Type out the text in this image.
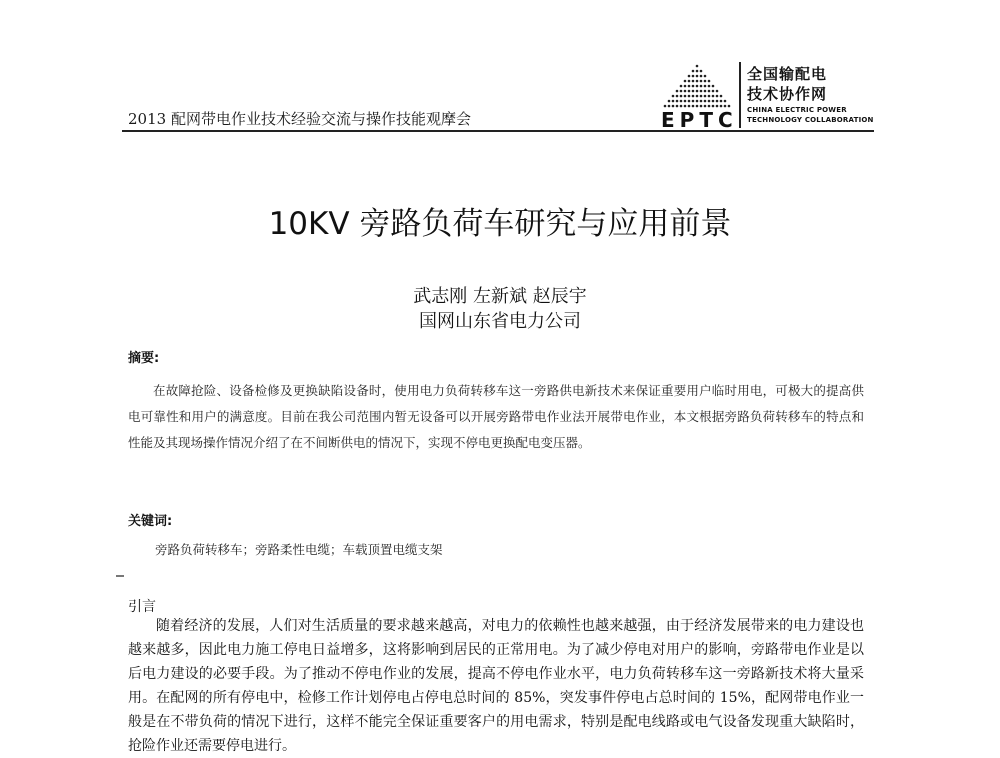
2013 配网带电作业技术经验交流与操作技能观摩会	EPTC
全国输配电
技术协作网
CHINA ELECTRIC POWER
TECHNOLOGY COLLABORATION
10KV 旁路负荷车研究与应用前景
武志刚 左新斌 赵辰宇
国网山东省电力公司
摘要:

在故障抢险、设备检修及更换缺陷设备时，使用电力负荷转移车这一旁路供电新技术来保证重要用户临时用电，可极大的提高供电可靠性和用户的满意度。目前在我公司范围内暂无设备可以开展旁路带电作业法开展带电作业，本文根据旁路负荷转移车的特点和性能及其现场操作情况介绍了在不间断供电的情况下，实现不停电更换配电变压器。

关键词:
旁路负荷转移车；旁路柔性电缆；车载顶置电缆支架
引言

随着经济的发展，人们对生活质量的要求越来越高，对电力的依赖性也越来越强，由于经济发展带来的电力建设也越来越多，因此电力施工停电日益增多，这将影响到居民的正常用电。为了减少停电对用户的影响，旁路带电作业是以后电力建设的必要手段。为了推动不停电作业的发展，提高不停电作业水平，电力负荷转移车这一旁路新技术将大量采用。在配网的所有停电中，检修工作计划停电占停电总时间的 85%，突发事件停电占总时间的 15%，配网带电作业一般是在不带负荷的情况下进行，这样不能完全保证重要客户的用电需求，特别是配电线路或电气设备发现重大缺陷时，抢险作业还需要停电进行。
